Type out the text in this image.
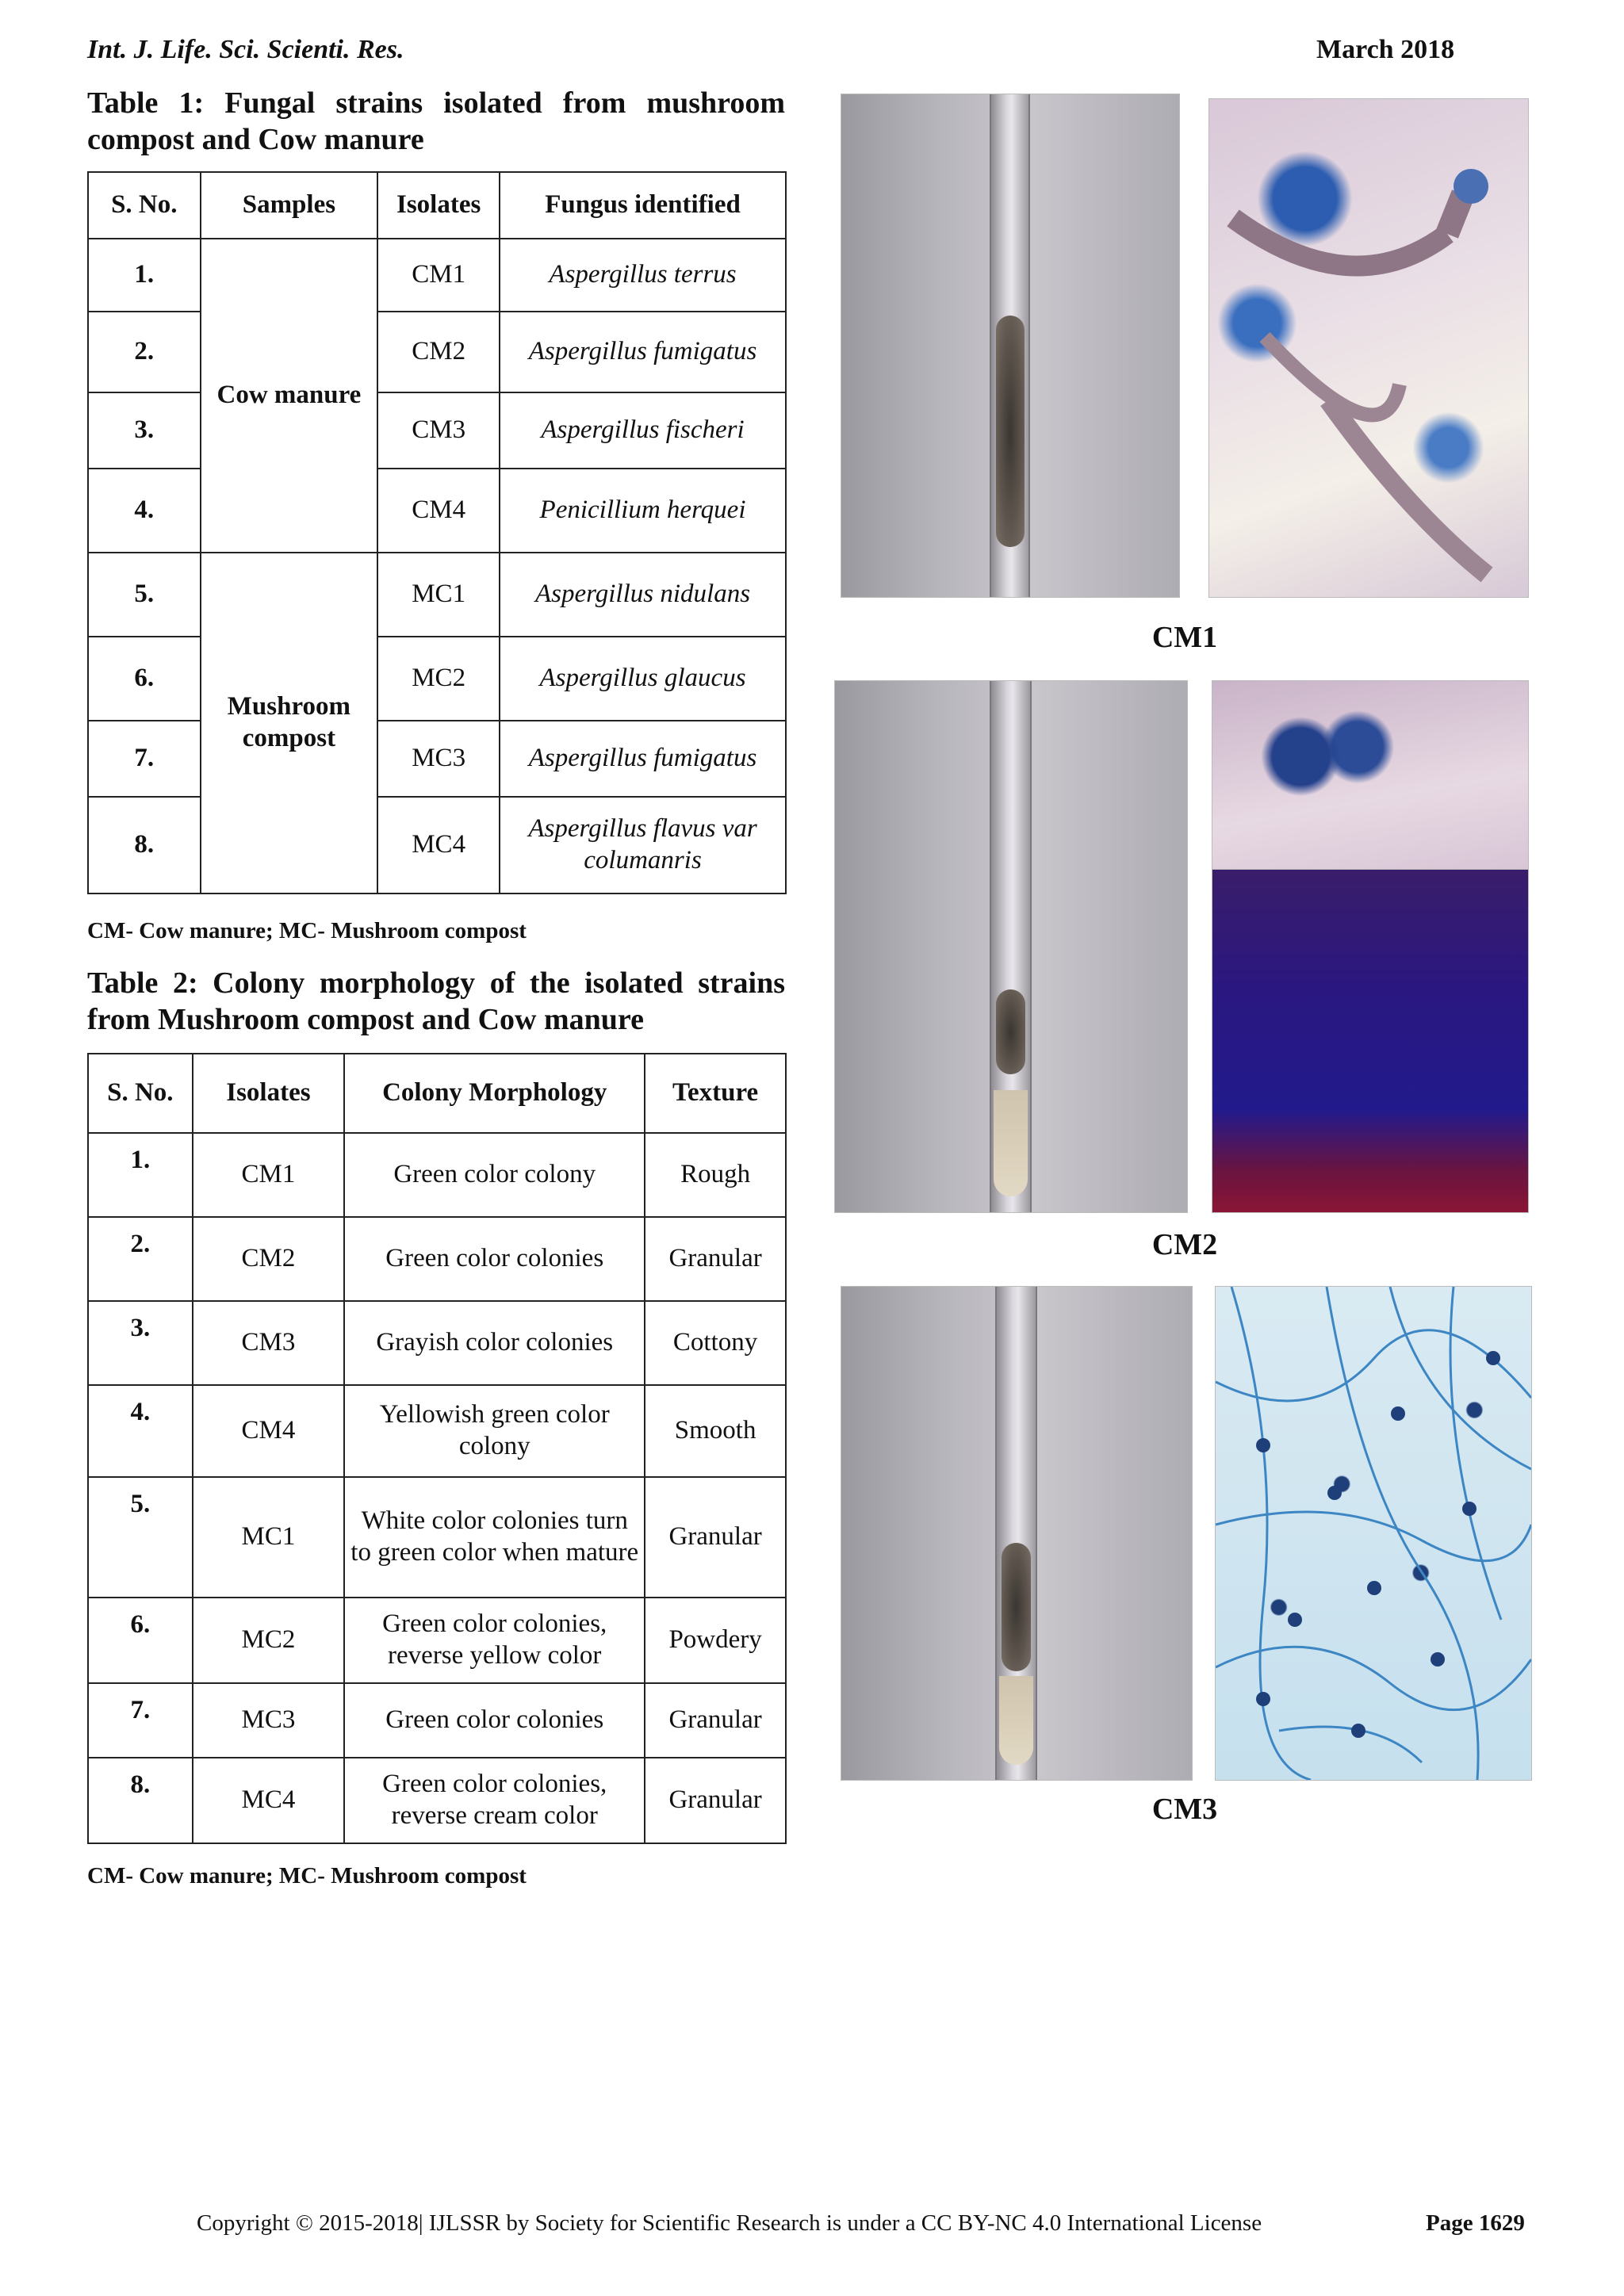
Int. J. Life. Sci. Scienti. Res.	March 2018
Table 1: Fungal strains isolated from mushroom compost and Cow manure
S. No.	Samples	Isolates	Fungus identified
1.	Cow manure	CM1	Aspergillus terrus
2.		CM2	Aspergillus fumigatus
3.		CM3	Aspergillus fischeri
4.		CM4	Penicillium herquei
5.	Mushroom compost	MC1	Aspergillus nidulans
6.		MC2	Aspergillus glaucus
7.		MC3	Aspergillus fumigatus
8.		MC4	Aspergillus flavus var columanris
CM- Cow manure; MC- Mushroom compost
Table 2: Colony morphology of the isolated strains from Mushroom compost and Cow manure
S. No.	Isolates	Colony Morphology	Texture
1.	CM1	Green color colony	Rough
2.	CM2	Green color colonies	Granular
3.	CM3	Grayish color colonies	Cottony
4.	CM4	Yellowish green color colony	Smooth
5.	MC1	White color colonies turn to green color when mature	Granular
6.	MC2	Green color colonies, reverse yellow color	Powdery
7.	MC3	Green color colonies	Granular
8.	MC4	Green color colonies, reverse cream color	Granular
CM- Cow manure; MC- Mushroom compost
CM1
CM2
CM3
Copyright © 2015-2018| IJLSSR by Society for Scientific Research is under a CC BY-NC 4.0 International License	Page 1629
